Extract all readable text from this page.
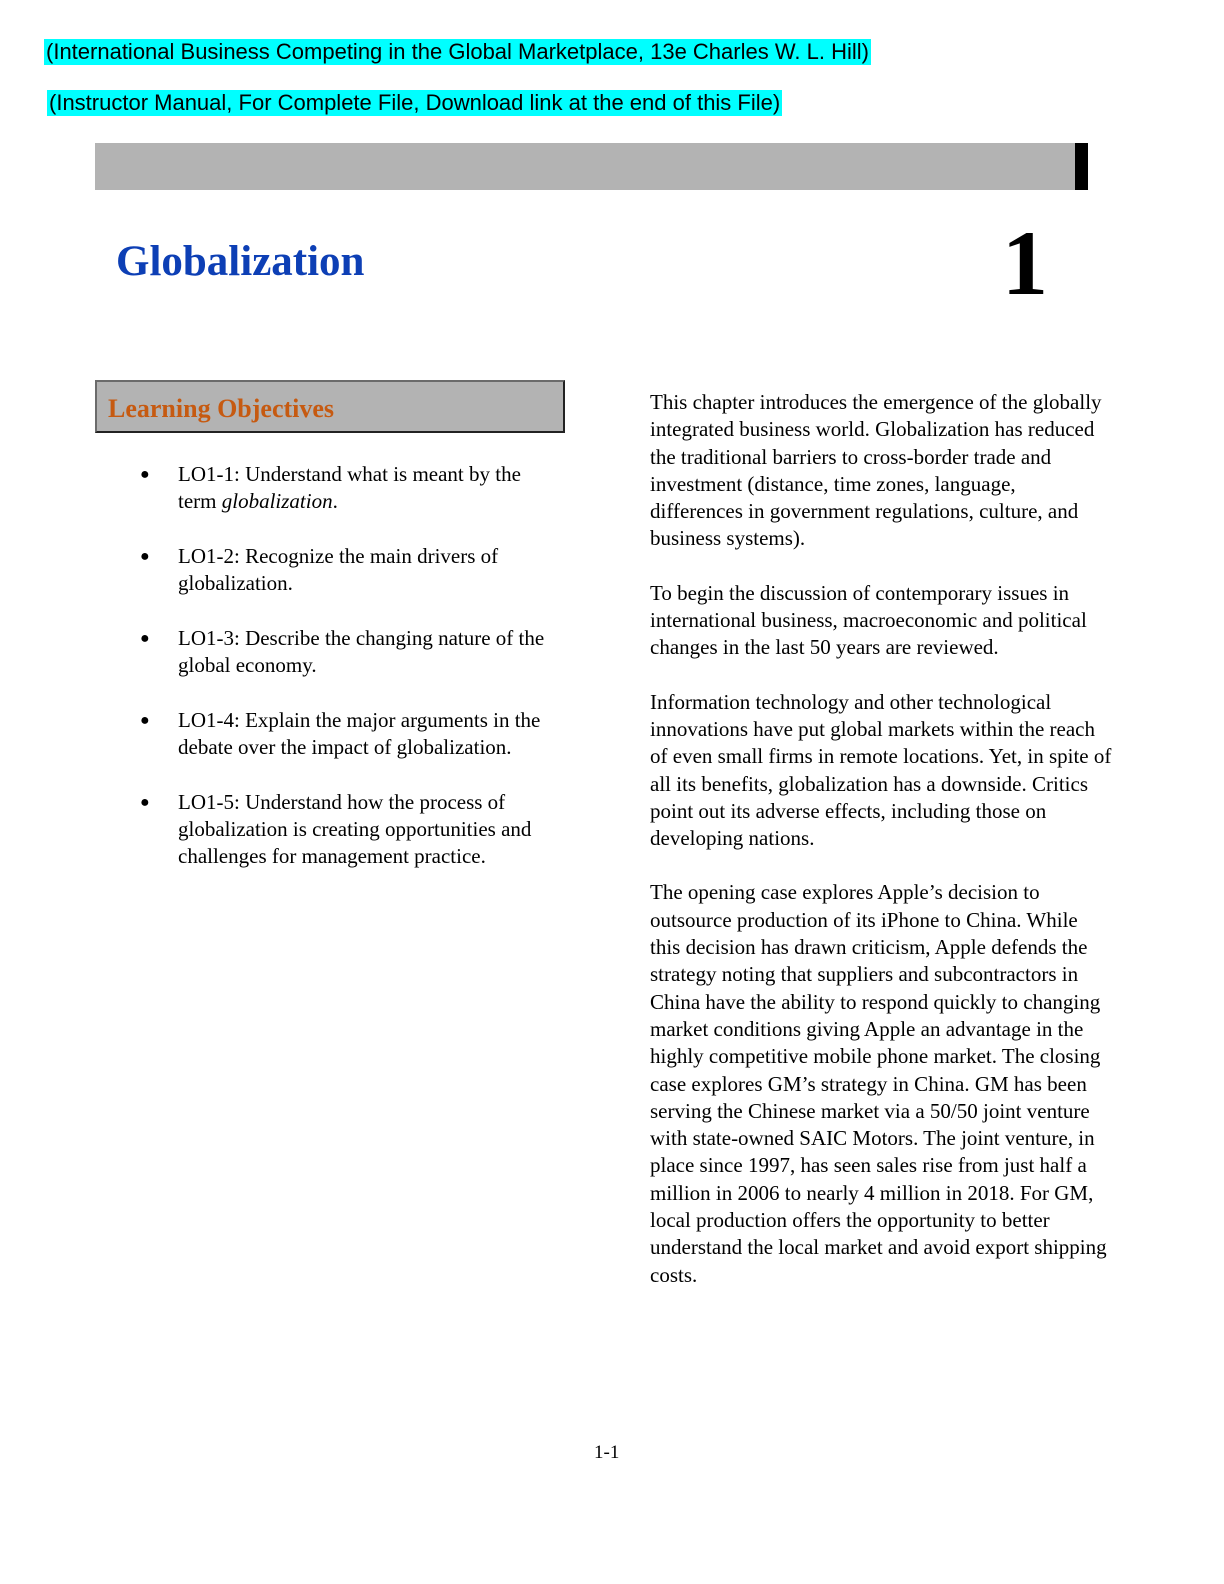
(International Business Competing in the Global Marketplace, 13e Charles W. L. Hill)
(Instructor Manual, For Complete File, Download link at the end of this File)
Globalization	1
Learning Objectives
● LO1-1: Understand what is meant by the term globalization.
● LO1-2: Recognize the main drivers of globalization.
● LO1-3: Describe the changing nature of the global economy.
● LO1-4: Explain the major arguments in the debate over the impact of globalization.
● LO1-5: Understand how the process of globalization is creating opportunities and challenges for management practice.

This chapter introduces the emergence of the globally integrated business world. Globalization has reduced the traditional barriers to cross-border trade and investment (distance, time zones, language, differences in government regulations, culture, and business systems).

To begin the discussion of contemporary issues in international business, macroeconomic and political changes in the last 50 years are reviewed.

Information technology and other technological innovations have put global markets within the reach of even small firms in remote locations. Yet, in spite of all its benefits, globalization has a downside. Critics point out its adverse effects, including those on developing nations.

The opening case explores Apple’s decision to outsource production of its iPhone to China. While this decision has drawn criticism, Apple defends the strategy noting that suppliers and subcontractors in China have the ability to respond quickly to changing market conditions giving Apple an advantage in the highly competitive mobile phone market. The closing case explores GM’s strategy in China. GM has been serving the Chinese market via a 50/50 joint venture with state-owned SAIC Motors. The joint venture, in place since 1997, has seen sales rise from just half a million in 2006 to nearly 4 million in 2018. For GM, local production offers the opportunity to better understand the local market and avoid export shipping costs.

1-1
